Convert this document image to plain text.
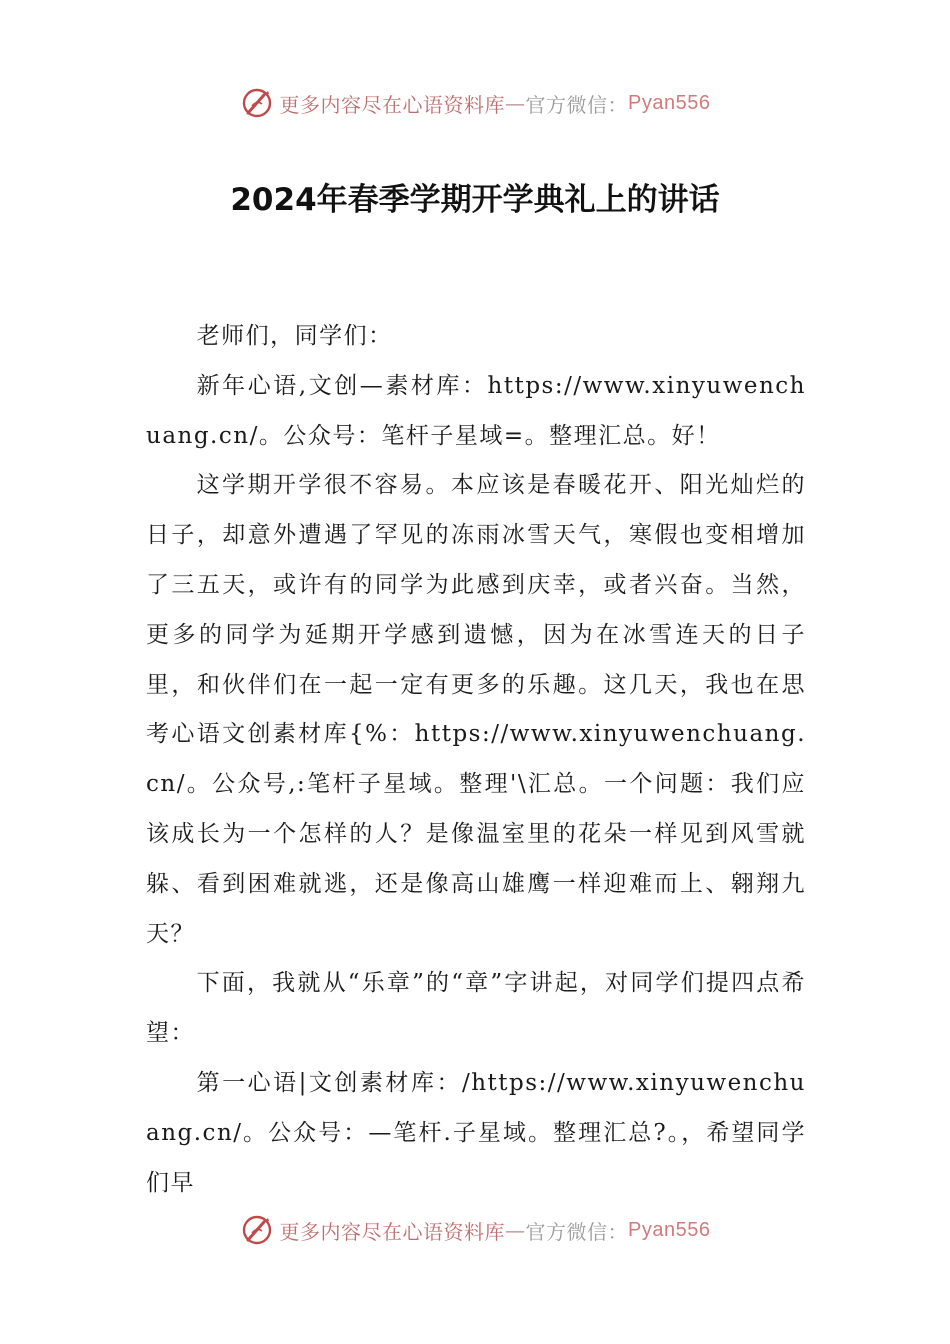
更多内容尽在心语资料库 — 官方微信： Pyan556
2024年春季学期开学典礼上的讲话

老师们，同学们：

新年心语,文创—素材库：https://www.xinyuwenchuang.cn/。公众号：笔杆子星域=。整理汇总。好！

这学期开学很不容易。本应该是春暖花开、阳光灿烂的日子，却意外遭遇了罕见的冻雨冰雪天气，寒假也变相增加了三五天，或许有的同学为此感到庆幸，或者兴奋。当然，更多的同学为延期开学感到遗憾，因为在冰雪连天的日子里，和伙伴们在一起一定有更多的乐趣。这几天，我也在思考心语文创素材库{%：https://www.xinyuwenchuang.cn/。公众号,:笔杆子星域。整理'\汇总。一个问题：我们应该成长为一个怎样的人？是像温室里的花朵一样见到风雪就躲、看到困难就逃，还是像高山雄鹰一样迎难而上、翱翔九天？

下面，我就从“乐章”的“章”字讲起，对同学们提四点希望：

第一心语|文创素材库：/https://www.xinyuwenchuang.cn/。公众号：—笔杆.子星域。整理汇总?。，希望同学们早

更多内容尽在心语资料库 — 官方微信： Pyan556
